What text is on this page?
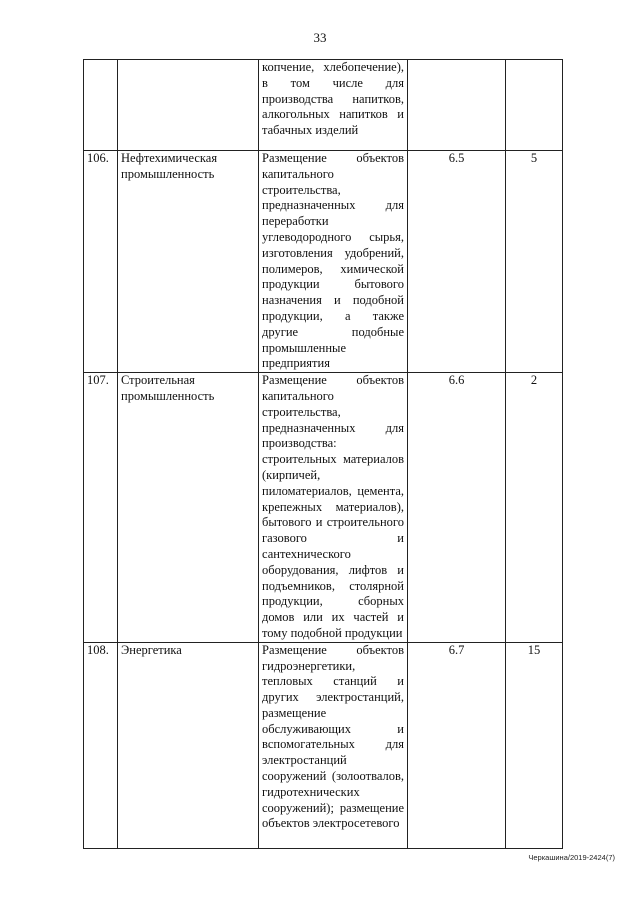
33
		копчение, хлебопечение), в том числе для производства напитков, алкогольных напитков и табачных изделий		
106.	Нефтехимическая промышленность	Размещение объектов капитального строительства, предназначенных для переработки углеводородного сырья, изготовления удобрений, полимеров, химической продукции бытового назначения и подобной продукции, а также другие подобные промышленные предприятия	6.5	5
107.	Строительная промышленность	Размещение объектов капитального строительства, предназначенных для производства: строительных материалов (кирпичей, пиломатериалов, цемента, крепежных материалов), бытового и строительного газового и сантехнического оборудования, лифтов и подъемников, столярной продукции, сборных домов или их частей и тому подобной продукции	6.6	2
108.	Энергетика	Размещение объектов гидроэнергетики, тепловых станций и других электростанций, размещение обслуживающих и вспомогательных для электростанций сооружений (золоотвалов, гидротехнических сооружений); размещение объектов электросетевого	6.7	15
Черкашина/2019-2424(7)
